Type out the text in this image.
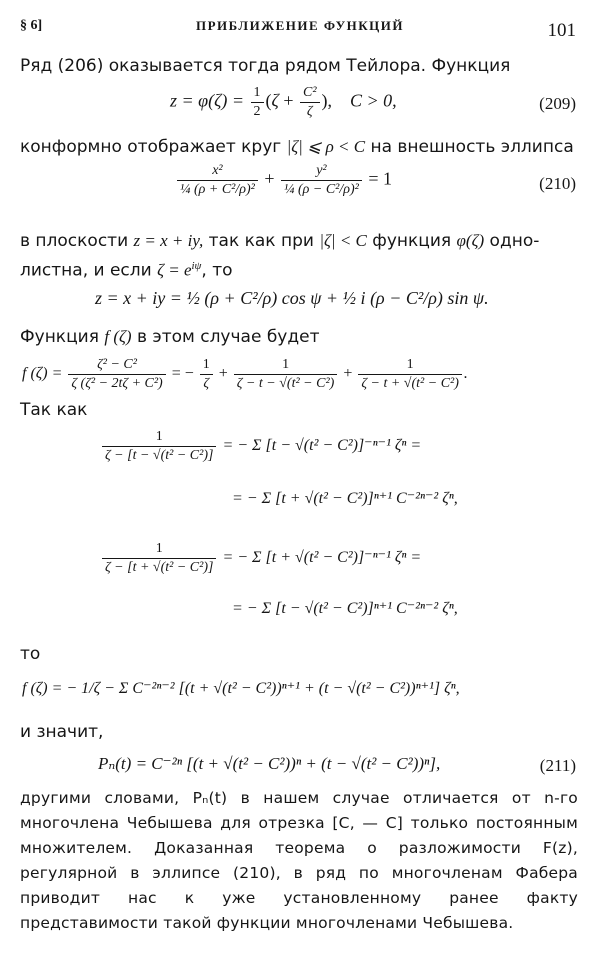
§ 6]	ПРИБЛИЖЕНИЕ ФУНКЦИЙ	101
Ряд (206) оказывается тогда рядом Тейлора. Функция
$z = \varphi(\zeta) = \frac{1}{2} (\zeta + \frac{\text{C²}}{\zeta}$ ), C > 0,	(209)
конформно отображает круг |ζ| ⩽ ρ < C на внешность эллипса
$\frac{\text{x²}}{\text{¼ (ρ + C²/ρ)²}} + \frac{\text{y²}}{\text{¼ (ρ − C²/ρ)²}} = 1$	(210)
в плоскости z = x + iy, так как при |ζ| < C функция φ(ζ) одно-
листна, и если $\zeta = e^{i\psi}$, то
z = x + iy = ½ (ρ + C²/ρ) cos ψ + ½ i (ρ − C²/ρ) sin ψ.
Функция f (ζ) в этом случае будет
f $(\zeta) = \frac{\text{ζ² − C²}}{\text{ζ (ζ² − 2tζ + C²)}}$ = − $\frac{1}{\zeta} + \frac{1}{\text{ζ − t − √(t² − C²)}} + \frac{1}{\text{ζ − t + √(t² − C²)}}$ .
Так как
$\frac{1}{\text{ζ − [t − √(t² − C²)]}}$ = − Σ [t − √(t² − C²)]⁻ⁿ⁻¹ ζⁿ =
= − Σ [t + √(t² − C²)]ⁿ⁺¹ C⁻²ⁿ⁻² ζⁿ,
$\frac{1}{\text{ζ − [t + √(t² − C²)]}}$ = − Σ [t + √(t² − C²)]⁻ⁿ⁻¹ ζⁿ =
= − Σ [t − √(t² − C²)]ⁿ⁺¹ C⁻²ⁿ⁻² ζⁿ,
то
f (ζ) = − 1/ζ − Σ C⁻²ⁿ⁻² [(t + √(t² − C²))ⁿ⁺¹ + (t − √(t² − C²))ⁿ⁺¹] ζⁿ,
и значит,
Pₙ(t) = C⁻²ⁿ [(t + √(t² − C²))ⁿ + (t − √(t² − C²))ⁿ],	(211)
другими словами, Pₙ(t) в нашем случае отличается от n-го многочлена Чебышева для отрезка [C, — C] только постоянным множителем. Доказанная теорема о разложимости F(z), регулярной в эллипсе (210), в ряд по многочленам Фабера приводит нас к уже установленному ранее факту представимости такой функции многочленами Чебышева.
